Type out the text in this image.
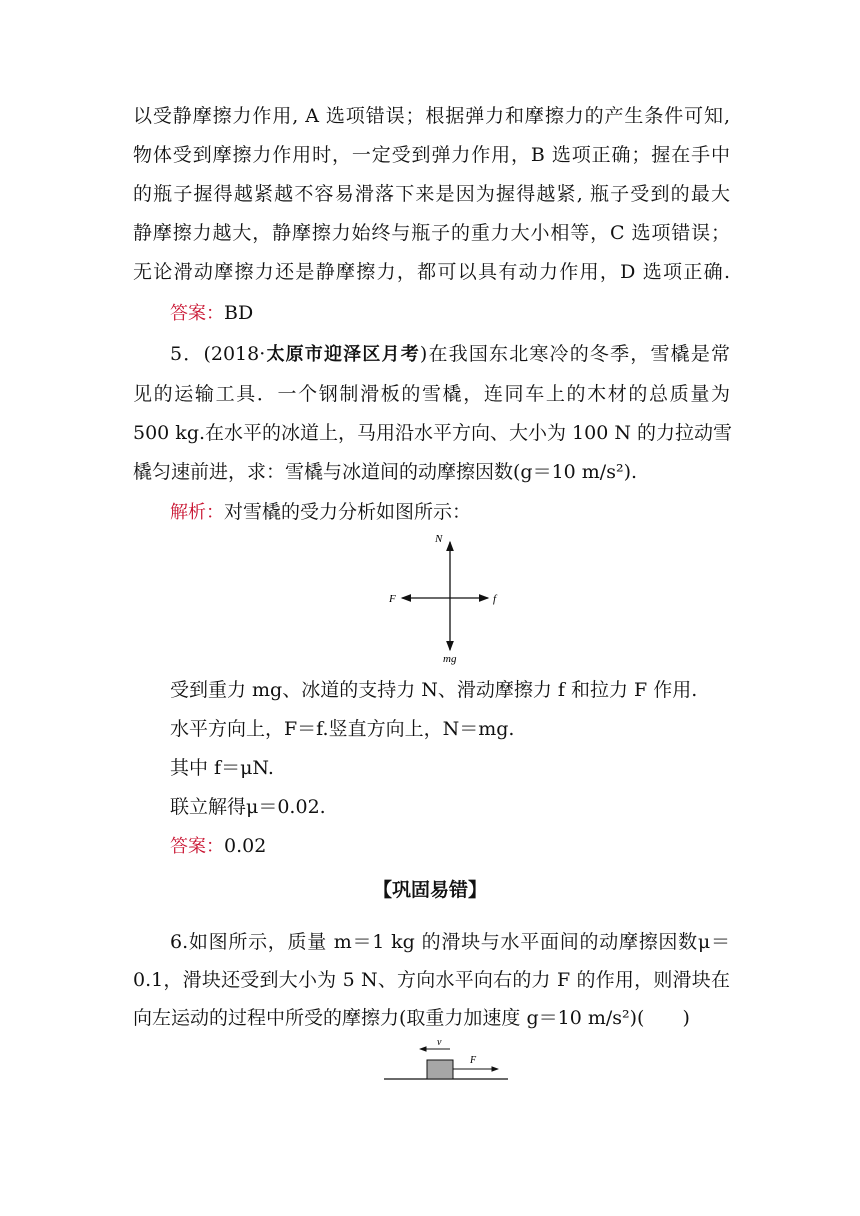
以受静摩擦力作用, A 选项错误；根据弹力和摩擦力的产生条件可知,
物体受到摩擦力作用时，一定受到弹力作用，B 选项正确；握在手中
的瓶子握得越紧越不容易滑落下来是因为握得越紧, 瓶子受到的最大
静摩擦力越大，静摩擦力始终与瓶子的重力大小相等，C 选项错误；
无论滑动摩擦力还是静摩擦力，都可以具有动力作用，D 选项正确.
答案：BD
5．(2018·太原市迎泽区月考)在我国东北寒冷的冬季，雪橇是常
见的运输工具．一个钢制滑板的雪橇，连同车上的木材的总质量为
500 kg.在水平的冰道上，马用沿水平方向、大小为 100 N 的力拉动雪
橇匀速前进，求：雪橇与冰道间的动摩擦因数(g＝10 m/s²).
解析：对雪橇的受力分析如图所示：
N
F	f
mg
受到重力 mg、冰道的支持力 N、滑动摩擦力 f 和拉力 F 作用.
水平方向上，F＝f.竖直方向上，N＝mg.
其中 f＝μN.
联立解得μ＝0.02.
答案：0.02
【巩固易错】
6.如图所示，质量 m＝1 kg 的滑块与水平面间的动摩擦因数μ＝
0.1，滑块还受到大小为 5 N、方向水平向右的力 F 的作用，则滑块在
向左运动的过程中所受的摩擦力(取重力加速度 g＝10 m/s²)(　　)
v
F
